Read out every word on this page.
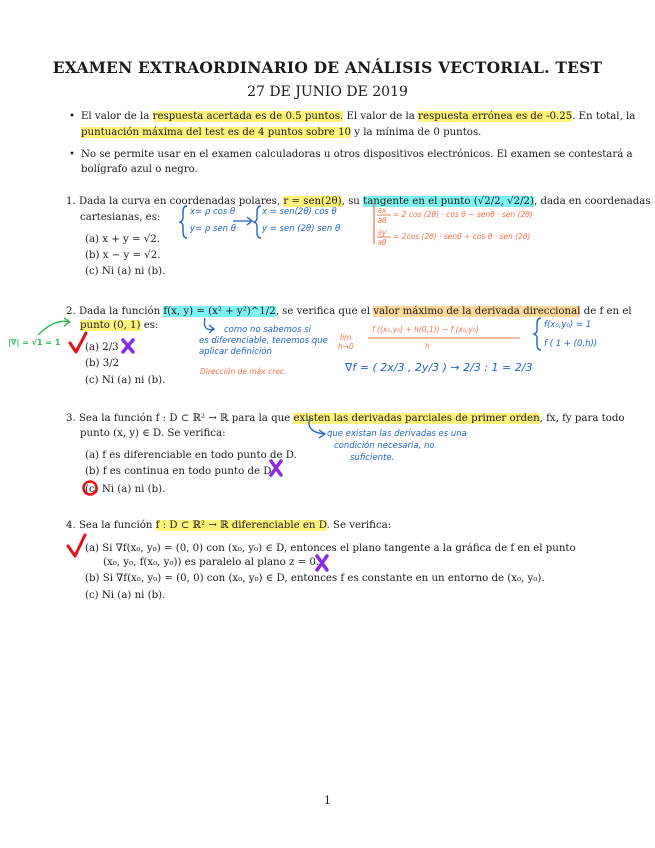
EXAMEN EXTRAORDINARIO DE ANÁLISIS VECTORIAL. TEST
27 DE JUNIO DE 2019
• El valor de la respuesta acertada es de 0.5 puntos. El valor de la respuesta errónea es de -0.25. En total, la
puntuación máxima del test es de 4 puntos sobre 10 y la mínima de 0 puntos.
• No se permite usar en el examen calculadoras u otros dispositivos electrónicos. El examen se contestará a
bolígrafo azul o negro.
1. Dada la curva en coordenadas polares, r = sen(2θ), su tangente en el punto (√2/2, √2/2), dada en coordenadas
cartesianas, es:
(a) x + y = √2.
(b) x − y = √2.
(c) Ni (a) ni (b).
x= ρ cos θ
y= ρ sen θ
x = sen(2θ) cos θ
y = sen (2θ) sen θ
∂x
∂θ
= 2 cos (2θ) · cos θ − senθ · sen (2θ)
∂y
∂θ
= 2cos (2θ) · senθ + cos θ · sen (2θ)
2. Dada la función f(x, y) = (x² + y²)^1/2, se verifica que el valor máximo de la derivada direccional de f en el
punto (0, 1) es:
(a) 2/3
(b) 3/2
(c) Ni (a) ni (b).
|∇| = √1 = 1
como no sabemos si
es diferenciable, tenemos que
aplicar definición
lím
h→0
f ((x₀,y₀) + h(0,1)) − f (x₀,y₀)
h
f(x₀,y₀) = 1
f ( 1 + (0,h))
Dirección de máx crec.	∇f = ( 2x/3 , 2y/3 ) → 2/3 : 1 = 2/3
3. Sea la función f : D ⊂ ℝ² → ℝ para la que existen las derivadas parciales de primer orden, fx, fy para todo
punto (x, y) ∈ D. Se verifica:
(a) f es diferenciable en todo punto de D.
(b) f es continua en todo punto de D.
(c) Ni (a) ni (b).
que existan las derivadas es una
condición necesaria, no
suficiente.
4. Sea la función f : D ⊂ ℝ² → ℝ diferenciable en D. Se verifica:
(a) Si ∇f(x₀, y₀) = (0, 0) con (x₀, y₀) ∈ D, entonces el plano tangente a la gráfica de f en el punto
(x₀, y₀, f(x₀, y₀)) es paralelo al plano z = 0.
(b) Si ∇f(x₀, y₀) = (0, 0) con (x₀, y₀) ∈ D, entonces f es constante en un entorno de (x₀, y₀).
(c) Ni (a) ni (b).
1
